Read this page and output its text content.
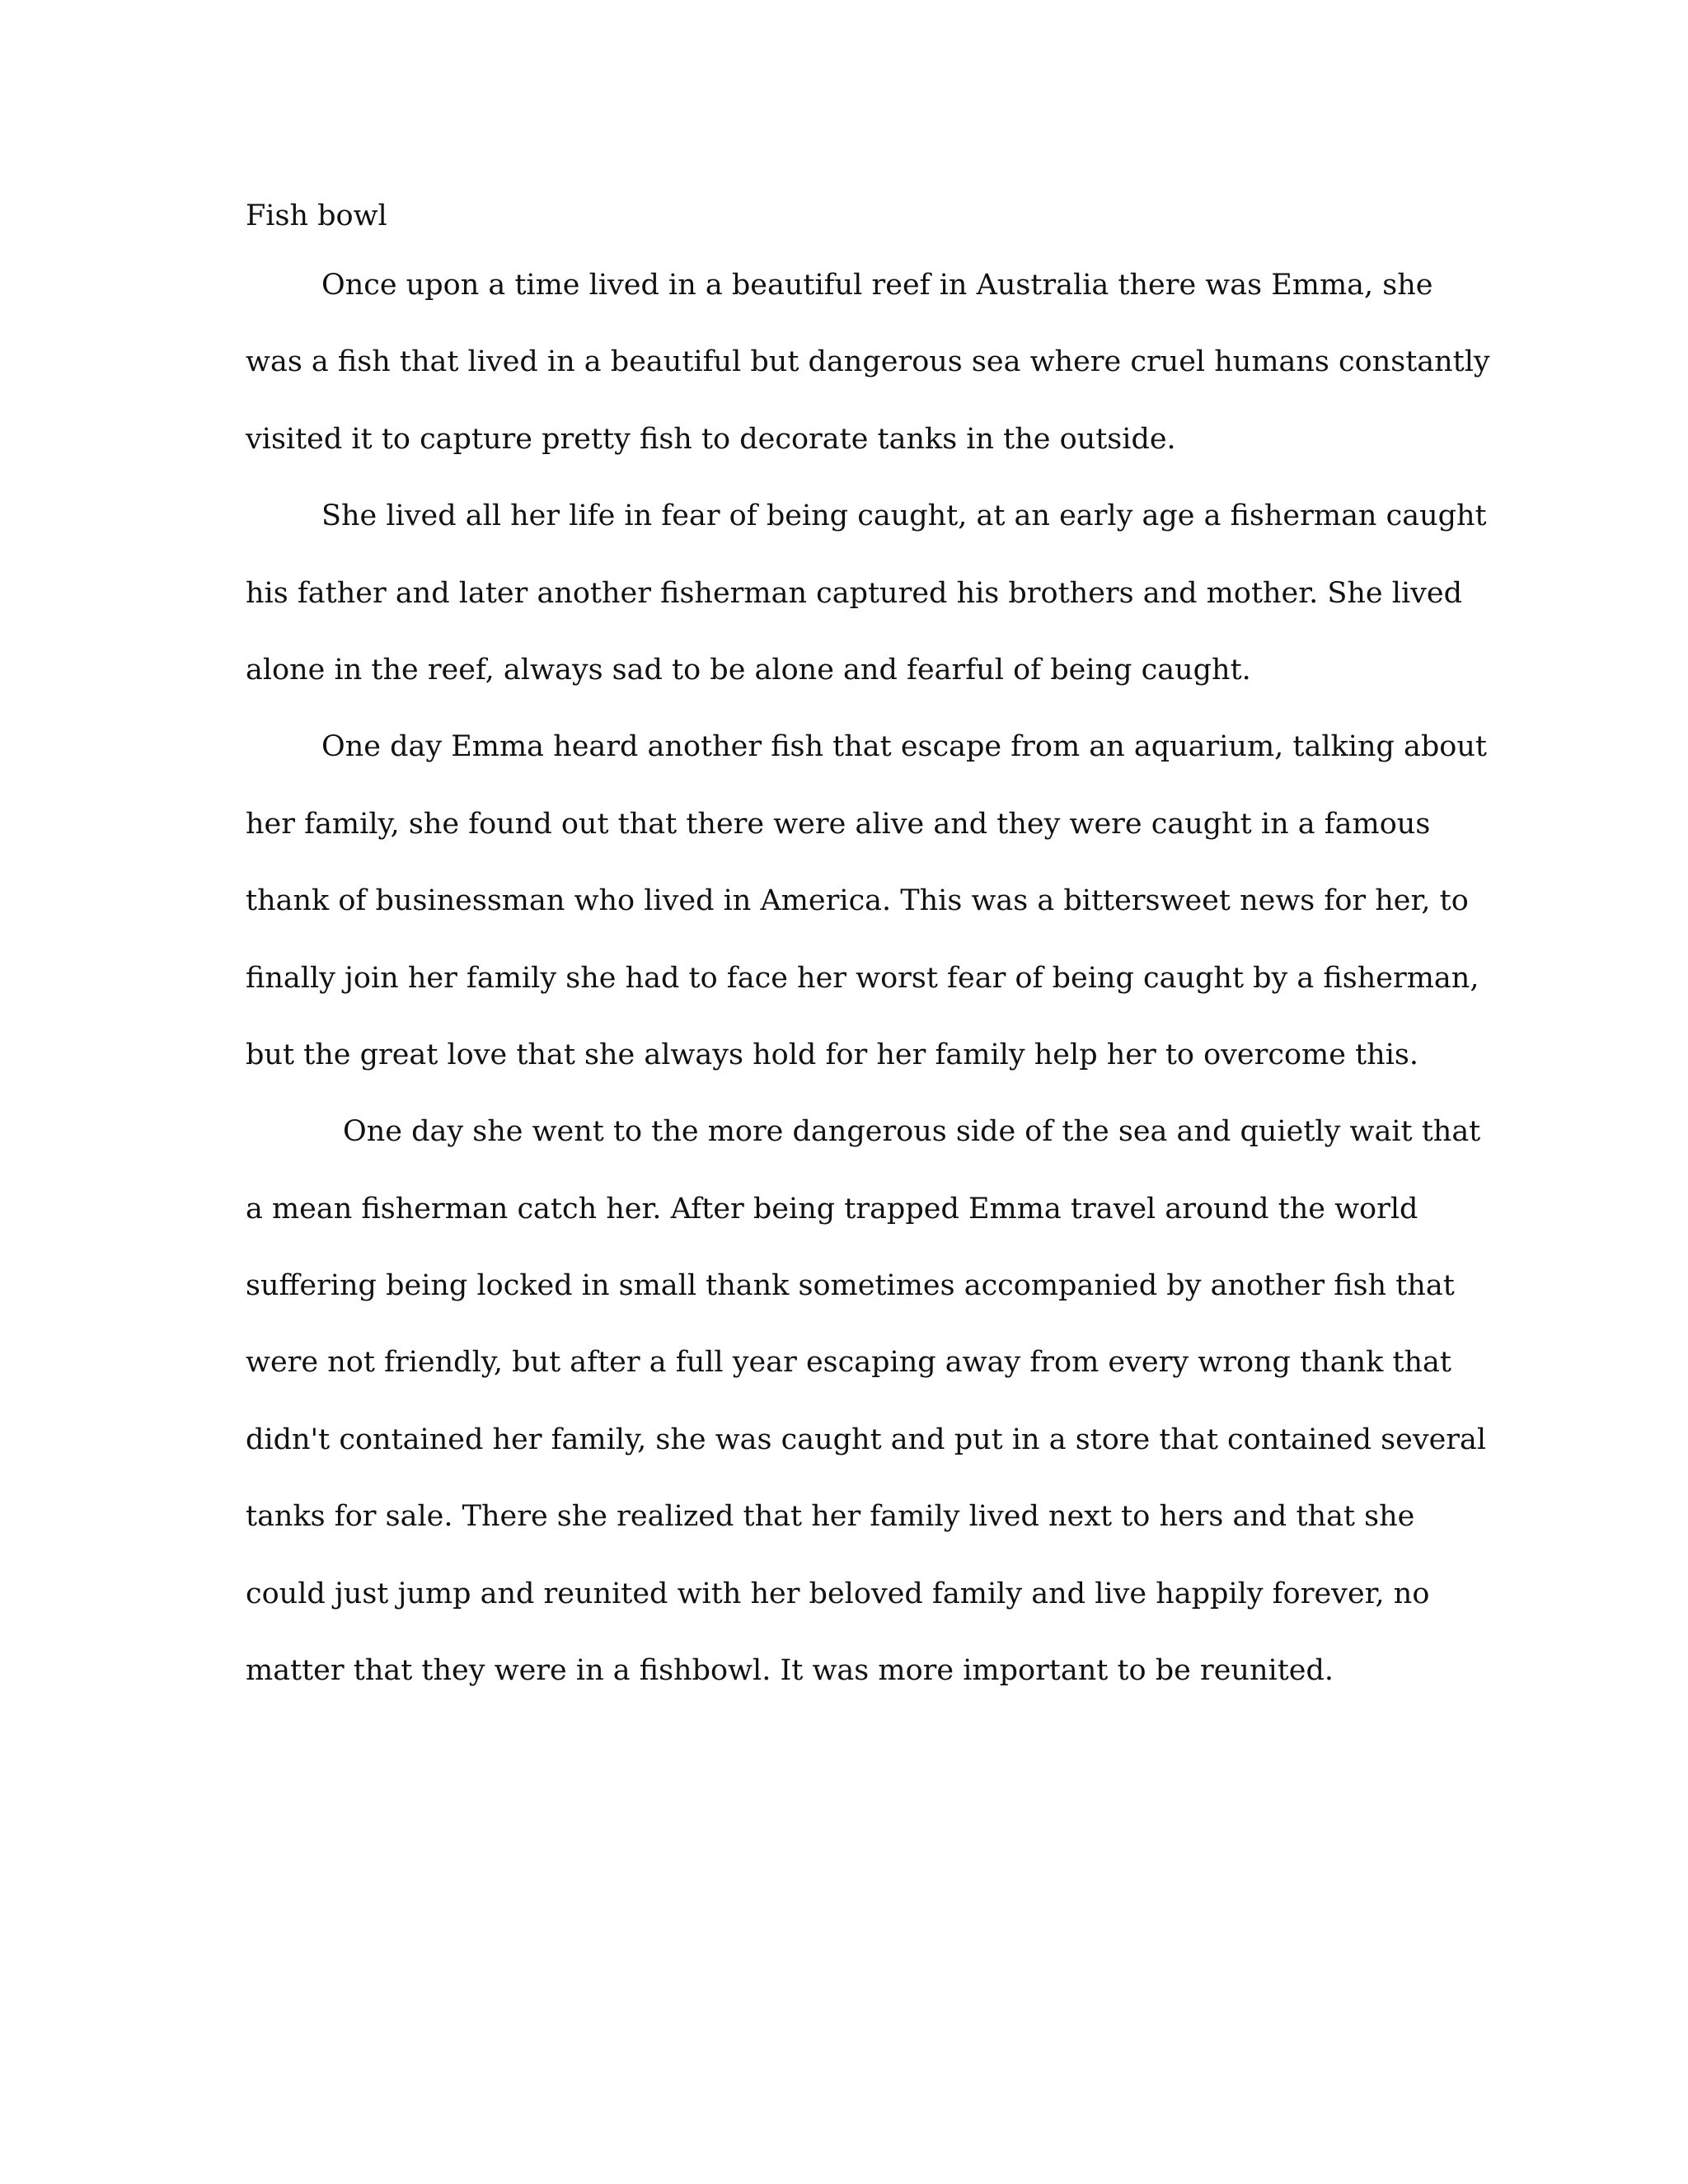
Fish bowl
Once upon a time lived in a beautiful reef in Australia there was Emma, she
was a fish that lived in a beautiful but dangerous sea where cruel humans constantly
visited it to capture pretty fish to decorate tanks in the outside.
She lived all her life in fear of being caught, at an early age a fisherman caught
his father and later another fisherman captured his brothers and mother. She lived
alone in the reef, always sad to be alone and fearful of being caught.
One day Emma heard another fish that escape from an aquarium, talking about
her family, she found out that there were alive and they were caught in a famous
thank of businessman who lived in America. This was a bittersweet news for her, to
finally join her family she had to face her worst fear of being caught by a fisherman,
but the great love that she always hold for her family help her to overcome this.
One day she went to the more dangerous side of the sea and quietly wait that
a mean fisherman catch her. After being trapped Emma travel around the world
suffering being locked in small thank sometimes accompanied by another fish that
were not friendly, but after a full year escaping away from every wrong thank that
didn't contained her family, she was caught and put in a store that contained several
tanks for sale. There she realized that her family lived next to hers and that she
could just jump and reunited with her beloved family and live happily forever, no
matter that they were in a fishbowl. It was more important to be reunited.
